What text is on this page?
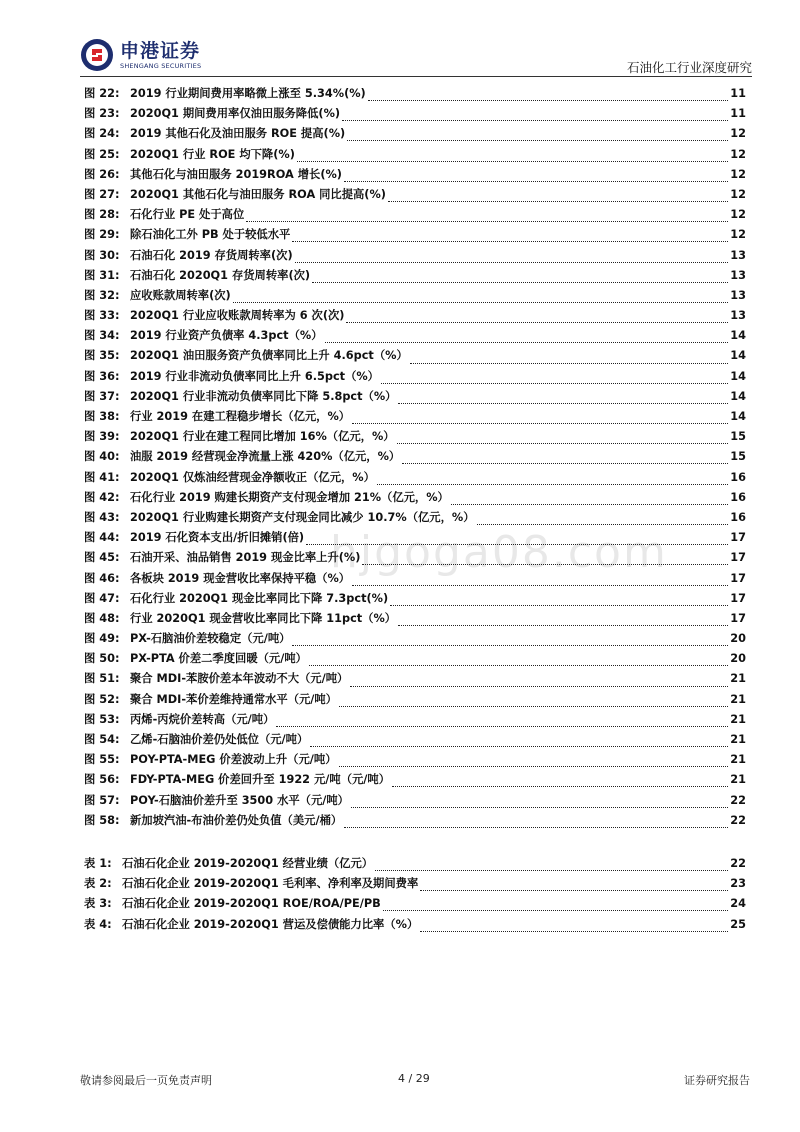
申港证券
SHENGANG SECURITIES	石油化工行业深度研究
hjgoga08.com
图 22: 2019 行业期间费用率略微上涨至 5.34%(%)	11
图 23: 2020Q1 期间费用率仅油田服务降低(%)	11
图 24: 2019 其他石化及油田服务 ROE 提高(%)	12
图 25: 2020Q1 行业 ROE 均下降(%)	12
图 26: 其他石化与油田服务 2019ROA 增长(%)	12
图 27: 2020Q1 其他石化与油田服务 ROA 同比提高(%)	12
图 28: 石化行业 PE 处于高位	12
图 29: 除石油化工外 PB 处于较低水平	12
图 30: 石油石化 2019 存货周转率(次)	13
图 31: 石油石化 2020Q1 存货周转率(次)	13
图 32: 应收账款周转率(次)	13
图 33: 2020Q1 行业应收账款周转率为 6 次(次)	13
图 34: 2019 行业资产负债率 4.3pct（%）	14
图 35: 2020Q1 油田服务资产负债率同比上升 4.6pct（%）	14
图 36: 2019 行业非流动负债率同比上升 6.5pct（%）	14
图 37: 2020Q1 行业非流动负债率同比下降 5.8pct（%）	14
图 38: 行业 2019 在建工程稳步增长（亿元，%）	14
图 39: 2020Q1 行业在建工程同比增加 16%（亿元，%）	15
图 40: 油服 2019 经营现金净流量上涨 420%（亿元，%）	15
图 41: 2020Q1 仅炼油经营现金净额收正（亿元，%）	16
图 42: 石化行业 2019 购建长期资产支付现金增加 21%（亿元，%）	16
图 43: 2020Q1 行业购建长期资产支付现金同比减少 10.7%（亿元，%）	16
图 44: 2019 石化资本支出/折旧摊销(倍)	17
图 45: 石油开采、油品销售 2019 现金比率上升(%)	17
图 46: 各板块 2019 现金营收比率保持平稳（%）	17
图 47: 石化行业 2020Q1 现金比率同比下降 7.3pct(%)	17
图 48: 行业 2020Q1 现金营收比率同比下降 11pct（%）	17
图 49: PX-石脑油价差较稳定（元/吨）	20
图 50: PX-PTA 价差二季度回暖（元/吨）	20
图 51: 聚合 MDI-苯胺价差本年波动不大（元/吨）	21
图 52: 聚合 MDI-苯价差维持通常水平（元/吨）	21
图 53: 丙烯-丙烷价差转高（元/吨）	21
图 54: 乙烯-石脑油价差仍处低位（元/吨）	21
图 55: POY-PTA-MEG 价差波动上升（元/吨）	21
图 56: FDY-PTA-MEG 价差回升至 1922 元/吨（元/吨）	21
图 57: POY-石脑油价差升至 3500 水平（元/吨）	22
图 58: 新加坡汽油-布油价差仍处负值（美元/桶）	22
表 1: 石油石化企业 2019-2020Q1 经营业绩（亿元）	22
表 2: 石油石化企业 2019-2020Q1 毛利率、净利率及期间费率	23
表 3: 石油石化企业 2019-2020Q1 ROE/ROA/PE/PB	24
表 4: 石油石化企业 2019-2020Q1 营运及偿债能力比率（%）	25
敬请参阅最后一页免责声明	4 / 29	证券研究报告
